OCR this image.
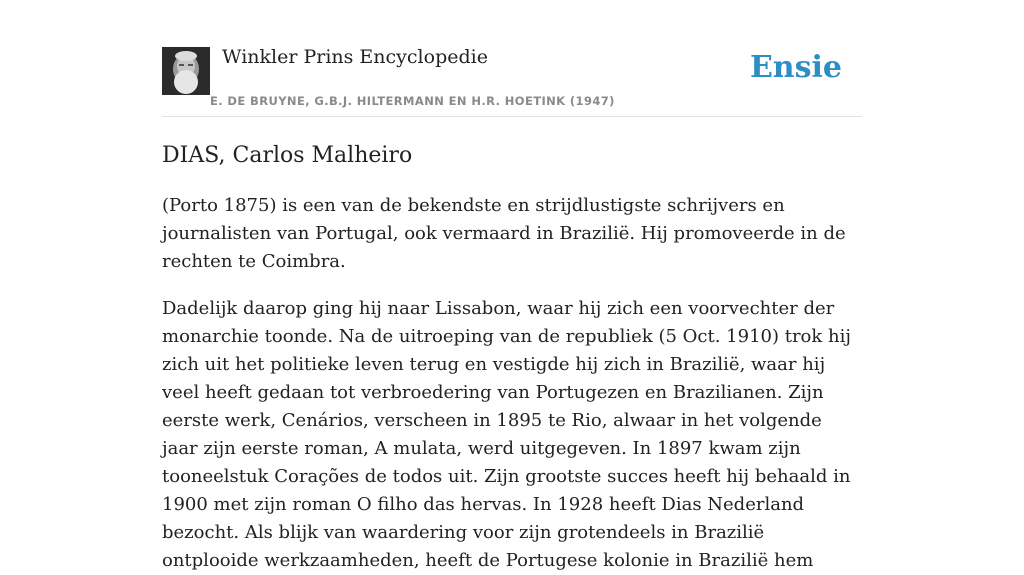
Winkler Prins Encyclopedie
E. DE BRUYNE, G.B.J. HILTERMANN EN H.R. HOETINK (1947)
Ensie
DIAS, Carlos Malheiro

(Porto 1875) is een van de bekendste en strijdlustigste schrijvers en journalisten van Portugal, ook vermaard in Brazilië. Hij promoveerde in de rechten te Coimbra.

Dadelijk daarop ging hij naar Lissabon, waar hij zich een voorvechter der monarchie toonde. Na de uitroeping van de republiek (5 Oct. 1910) trok hij zich uit het politieke leven terug en vestigde hij zich in Brazilië, waar hij veel heeft gedaan tot verbroedering van Portugezen en Brazilianen. Zijn eerste werk, Cenários, verscheen in 1895 te Rio, alwaar in het volgende jaar zijn eerste roman, A mulata, werd uitgegeven. In 1897 kwam zijn tooneelstuk Corações de todos uit. Zijn grootste succes heeft hij behaald in 1900 met zijn roman O filho das hervas. In 1928 heeft Dias Nederland bezocht. Als blijk van waardering voor zijn grotendeels in Brazilië ontplooide werkzaamheden, heeft de Portugese kolonie in Brazilië hem
